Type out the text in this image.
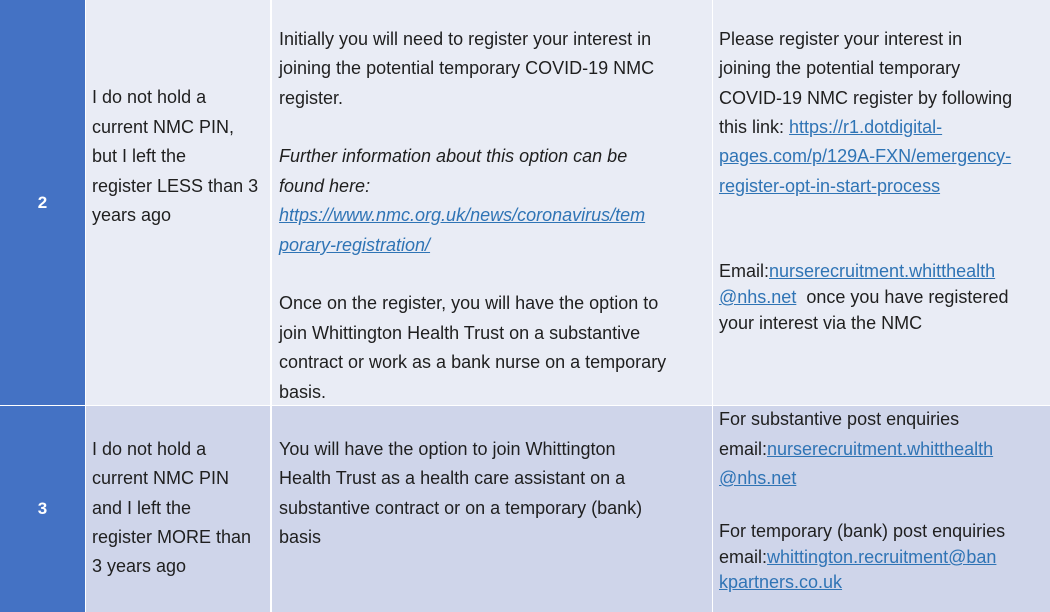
2
I do not hold a
current NMC PIN,
but I left the
register LESS than 3
years ago
Initially you will need to register your interest in
joining the potential temporary COVID-19 NMC
register.
Further information about this option can be
found here:
https://www.nmc.org.uk/news/coronavirus/tem
porary-registration/
Once on the register, you will have the option to
join Whittington Health Trust on a substantive
contract or work as a bank nurse on a temporary
basis.
Please register your interest in
joining the potential temporary
COVID-19 NMC register by following
this link: https://r1.dotdigital-
pages.com/p/129A-FXN/emergency-
register-opt-in-start-process
Email:nurserecruitment.whitthealth
@nhs.net  once you have registered
your interest via the NMC
3
I do not hold a
current NMC PIN
and I left the
register MORE than
3 years ago
You will have the option to join Whittington
Health Trust as a health care assistant on a
substantive contract or on a temporary (bank)
basis
For substantive post enquiries
email:nurserecruitment.whitthealth
@nhs.net
For temporary (bank) post enquiries
email:whittington.recruitment@ban
kpartners.co.uk
